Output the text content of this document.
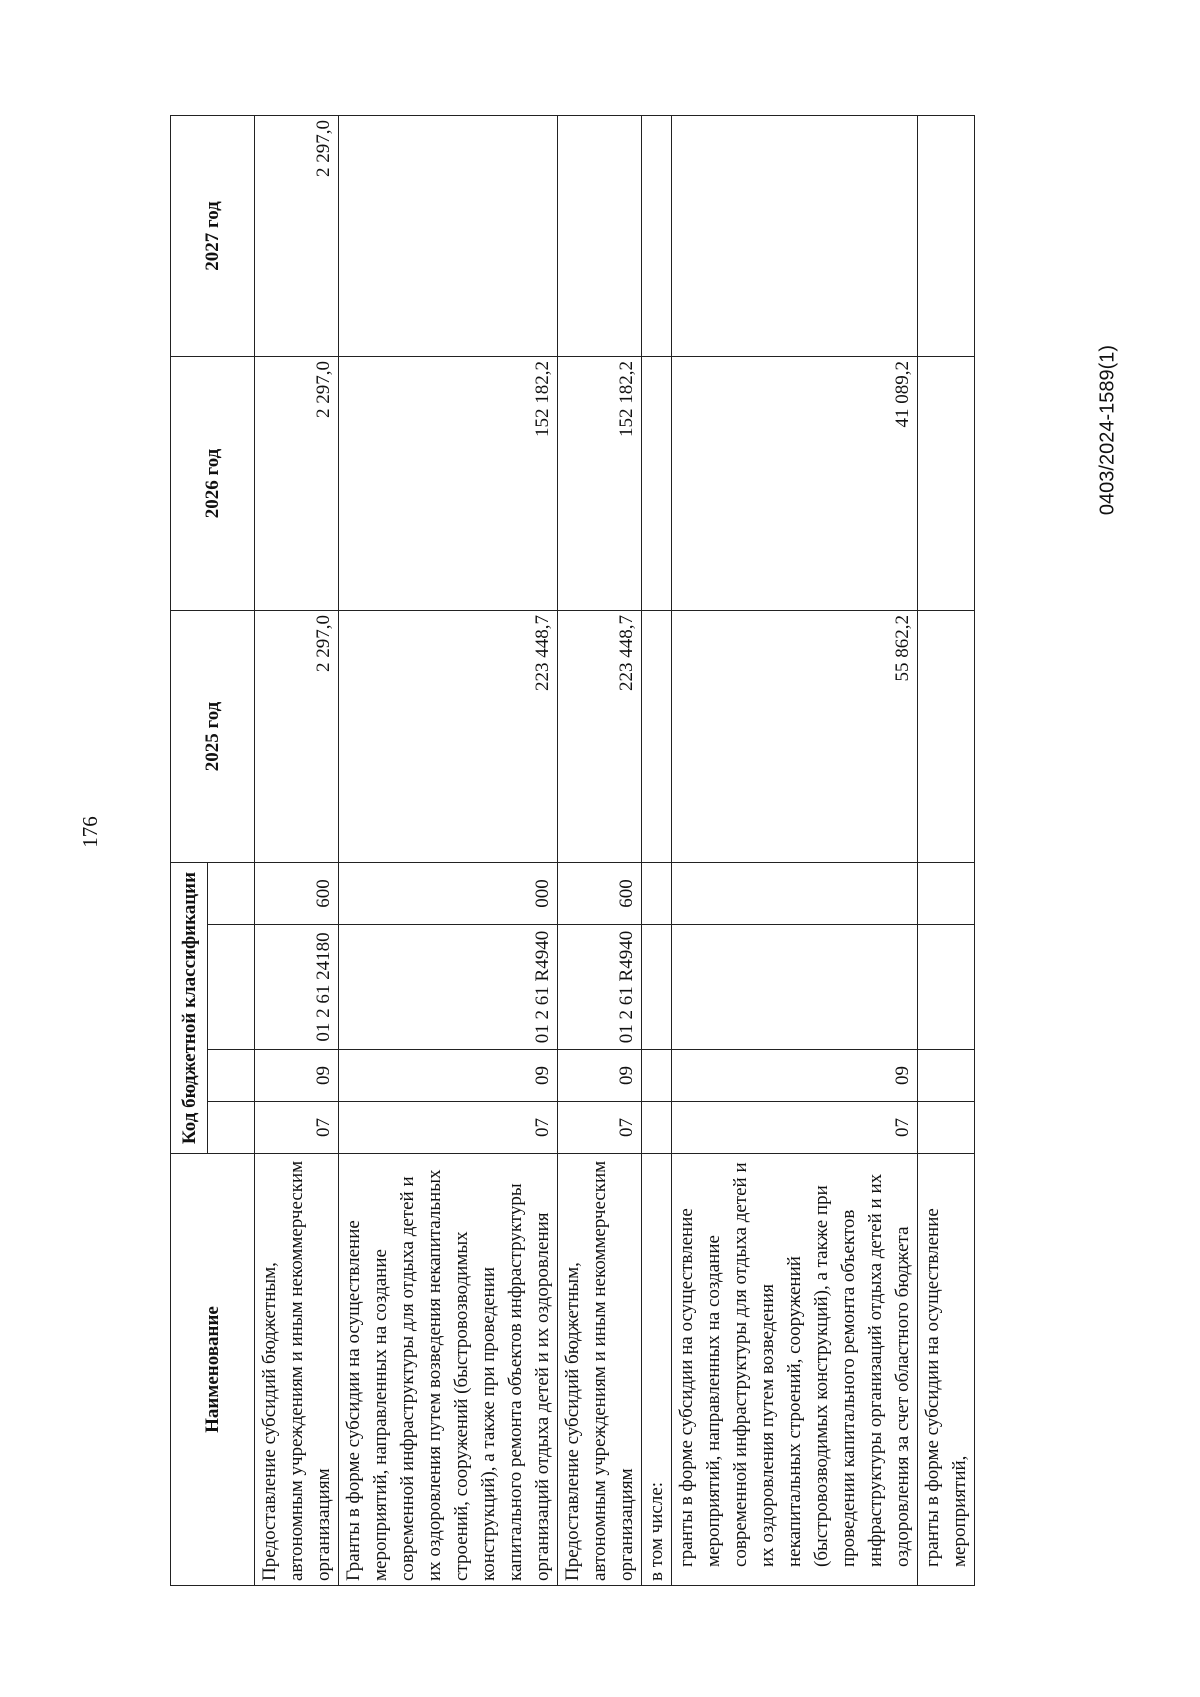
176
0403/2024-1589(1)
Наименование	Код бюджетной классификации				2025 год	2026 год	2027 год

Предоставление субсидий бюджетным, автономным учреждениям и иным некоммерческим организациям	07	09	01 2 61 24180	600	2 297,0	2 297,0	2 297,0
Гранты в форме субсидии на осуществление мероприятий, направленных на создание современной инфраструктуры для отдыха детей и их оздоровления путем возведения некапитальных строений, сооружений (быстровозводимых конструкций), а также при проведении капитального ремонта объектов инфраструктуры организаций отдыха детей и их оздоровления	07	09	01 2 61 R4940	000	223 448,7	152 182,2	
Предоставление субсидий бюджетным, автономным учреждениям и иным некоммерческим организациям	07	09	01 2 61 R4940	600	223 448,7	152 182,2	
в том числе:							
гранты в форме субсидии на осуществление мероприятий, направленных на создание современной инфраструктуры для отдыха детей и их оздоровления путем возведения некапитальных строений, сооружений (быстровозводимых конструкций), а также при проведении капитального ремонта объектов инфраструктуры организаций отдыха детей и их оздоровления за счет областного бюджета	07	09			55 862,2	41 089,2	
гранты в форме субсидии на осуществление мероприятий,							
